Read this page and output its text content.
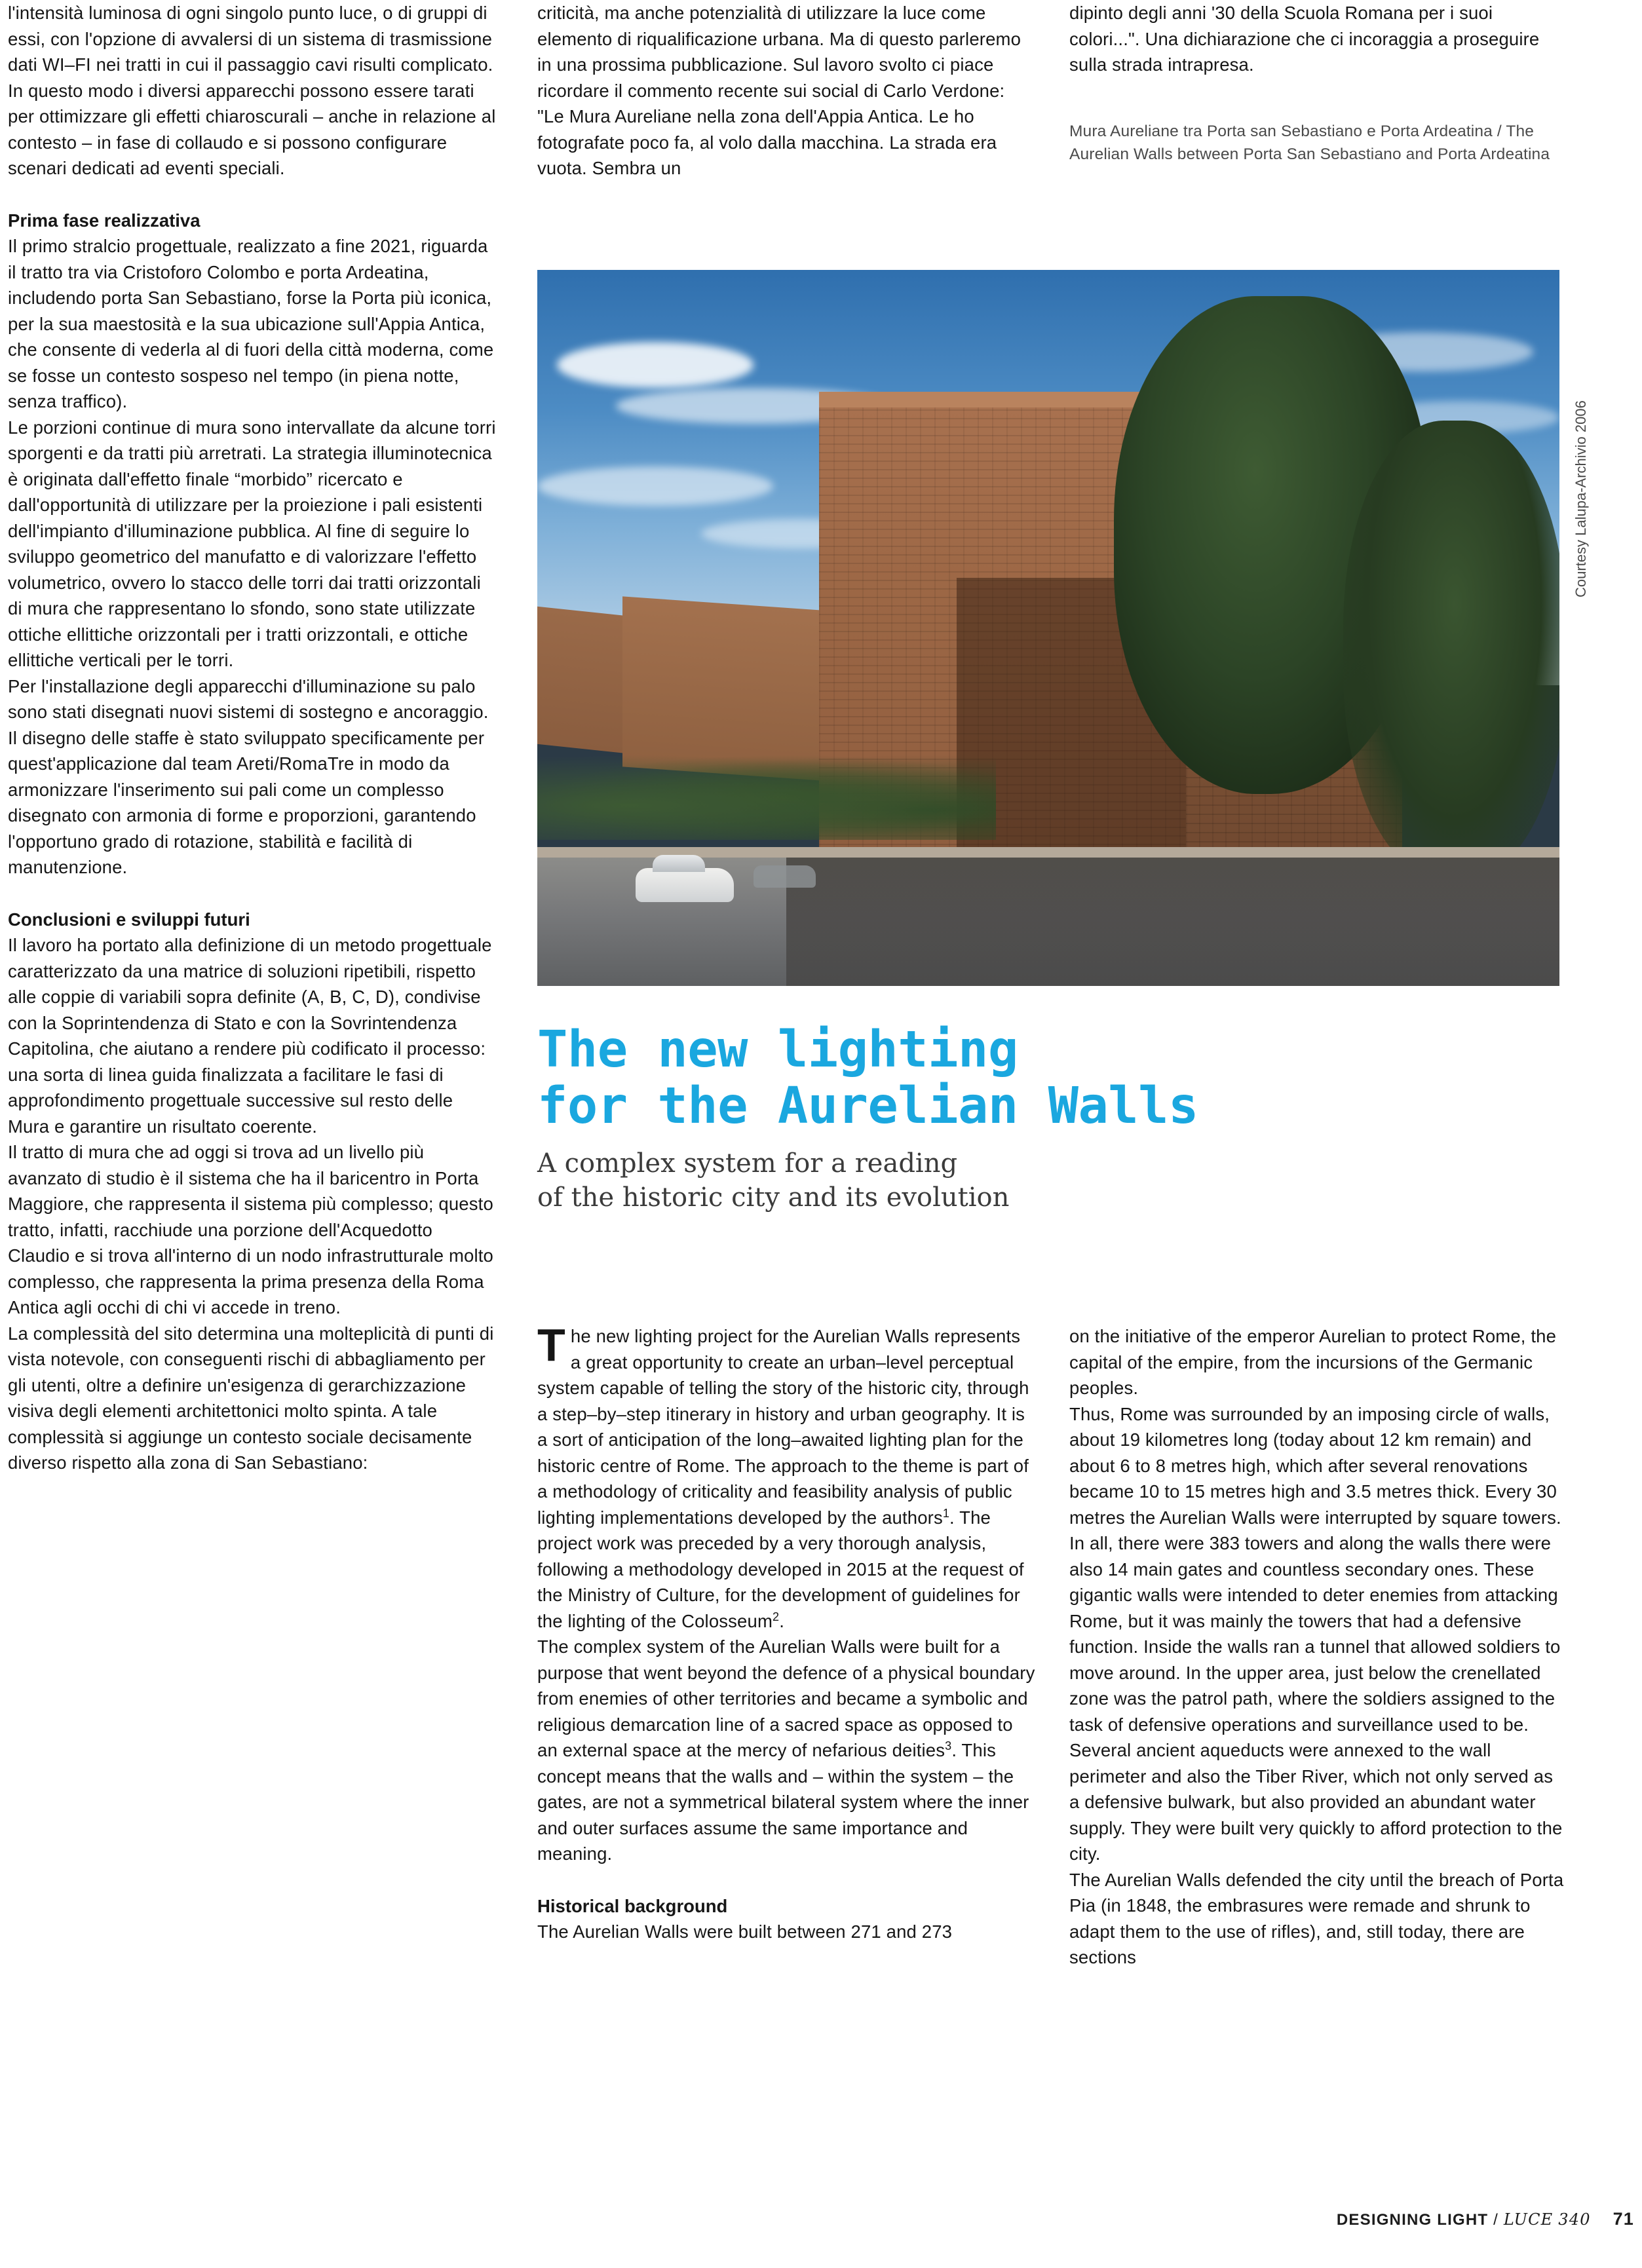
l'intensità luminosa di ogni singolo punto luce, o di gruppi di essi, con l'opzione di avvalersi di un sistema di trasmissione dati WI–FI nei tratti in cui il passaggio cavi risulti complicato. In questo modo i diversi apparecchi possono essere tarati per ottimizzare gli effetti chiaroscurali – anche in relazione al contesto – in fase di collaudo e si possono configurare scenari dedicati ad eventi speciali.

Prima fase realizzativa

Il primo stralcio progettuale, realizzato a fine 2021, riguarda il tratto tra via Cristoforo Colombo e porta Ardeatina, includendo porta San Sebastiano, forse la Porta più iconica, per la sua maestosità e la sua ubicazione sull'Appia Antica, che consente di vederla al di fuori della città moderna, come se fosse un contesto sospeso nel tempo (in piena notte, senza traffico).

Le porzioni continue di mura sono intervallate da alcune torri sporgenti e da tratti più arretrati. La strategia illuminotecnica è originata dall'effetto finale “morbido” ricercato e dall'opportunità di utilizzare per la proiezione i pali esistenti dell'impianto d'illuminazione pubblica. Al fine di seguire lo sviluppo geometrico del manufatto e di valorizzare l'effetto volumetrico, ovvero lo stacco delle torri dai tratti orizzontali di mura che rappresentano lo sfondo, sono state utilizzate ottiche ellittiche orizzontali per i tratti orizzontali, e ottiche ellittiche verticali per le torri.

Per l'installazione degli apparecchi d'illuminazione su palo sono stati disegnati nuovi sistemi di sostegno e ancoraggio. Il disegno delle staffe è stato sviluppato specificamente per quest'applicazione dal team Areti/RomaTre in modo da armonizzare l'inserimento sui pali come un complesso disegnato con armonia di forme e proporzioni, garantendo l'opportuno grado di rotazione, stabilità e facilità di manutenzione.

Conclusioni e sviluppi futuri

Il lavoro ha portato alla definizione di un metodo progettuale caratterizzato da una matrice di soluzioni ripetibili, rispetto alle coppie di variabili sopra definite (A, B, C, D), condivise con la Soprintendenza di Stato e con la Sovrintendenza Capitolina, che aiutano a rendere più codificato il processo: una sorta di linea guida finalizzata a facilitare le fasi di approfondimento progettuale successive sul resto delle Mura e garantire un risultato coerente.

Il tratto di mura che ad oggi si trova ad un livello più avanzato di studio è il sistema che ha il baricentro in Porta Maggiore, che rappresenta il sistema più complesso; questo tratto, infatti, racchiude una porzione dell'Acquedotto Claudio e si trova all'interno di un nodo infrastrutturale molto complesso, che rappresenta la prima presenza della Roma Antica agli occhi di chi vi accede in treno.

La complessità del sito determina una molteplicità di punti di vista notevole, con conseguenti rischi di abbagliamento per gli utenti, oltre a definire un'esigenza di gerarchizzazione visiva degli elementi architettonici molto spinta. A tale complessità si aggiunge un contesto sociale decisamente diverso rispetto alla zona di San Sebastiano:

criticità, ma anche potenzialità di utilizzare la luce come elemento di riqualificazione urbana. Ma di questo parleremo in una prossima pubblicazione. Sul lavoro svolto ci piace ricordare il commento recente sui social di Carlo Verdone: "Le Mura Aureliane nella zona dell'Appia Antica. Le ho fotografate poco fa, al volo dalla macchina. La strada era vuota. Sembra un

dipinto degli anni '30 della Scuola Romana per i suoi colori...". Una dichiarazione che ci incoraggia a proseguire sulla strada intrapresa.

Mura Aureliane tra Porta san Sebastiano e Porta Ardeatina / The Aurelian Walls between Porta San Sebastiano and Porta Ardeatina

Courtesy Lalupa-Archivio 2006
The new lighting
for the Aurelian Walls
A complex system for a reading
of the historic city and its evolution

The new lighting project for the Aurelian Walls represents a great opportunity to create an urban–level perceptual system capable of telling the story of the historic city, through a step–by–step itinerary in history and urban geography. It is a sort of anticipation of the long–awaited lighting plan for the historic centre of Rome. The approach to the theme is part of a methodology of criticality and feasibility analysis of public lighting implementations developed by the authors$^1$. The project work was preceded by a very thorough analysis, following a methodology developed in 2015 at the request of the Ministry of Culture, for the development of guidelines for the lighting of the Colosseum$^2$.

The complex system of the Aurelian Walls were built for a purpose that went beyond the defence of a physical boundary from enemies of other territories and became a symbolic and religious demarcation line of a sacred space as opposed to an external space at the mercy of nefarious deities$^3$. This concept means that the walls and – within the system – the gates, are not a symmetrical bilateral system where the inner and outer surfaces assume the same importance and meaning.

Historical background

The Aurelian Walls were built between 271 and 273

on the initiative of the emperor Aurelian to protect Rome, the capital of the empire, from the incursions of the Germanic peoples.

Thus, Rome was surrounded by an imposing circle of walls, about 19 kilometres long (today about 12 km remain) and about 6 to 8 metres high, which after several renovations became 10 to 15 metres high and 3.5 metres thick. Every 30 metres the Aurelian Walls were interrupted by square towers. In all, there were 383 towers and along the walls there were also 14 main gates and countless secondary ones. These gigantic walls were intended to deter enemies from attacking Rome, but it was mainly the towers that had a defensive function. Inside the walls ran a tunnel that allowed soldiers to move around. In the upper area, just below the crenellated zone was the patrol path, where the soldiers assigned to the task of defensive operations and surveillance used to be. Several ancient aqueducts were annexed to the wall perimeter and also the Tiber River, which not only served as a defensive bulwark, but also provided an abundant water supply. They were built very quickly to afford protection to the city.

The Aurelian Walls defended the city until the breach of Porta Pia (in 1848, the embrasures were remade and shrunk to adapt them to the use of rifles), and, still today, there are sections

DESIGNING LIGHT / LUCE 340 71
